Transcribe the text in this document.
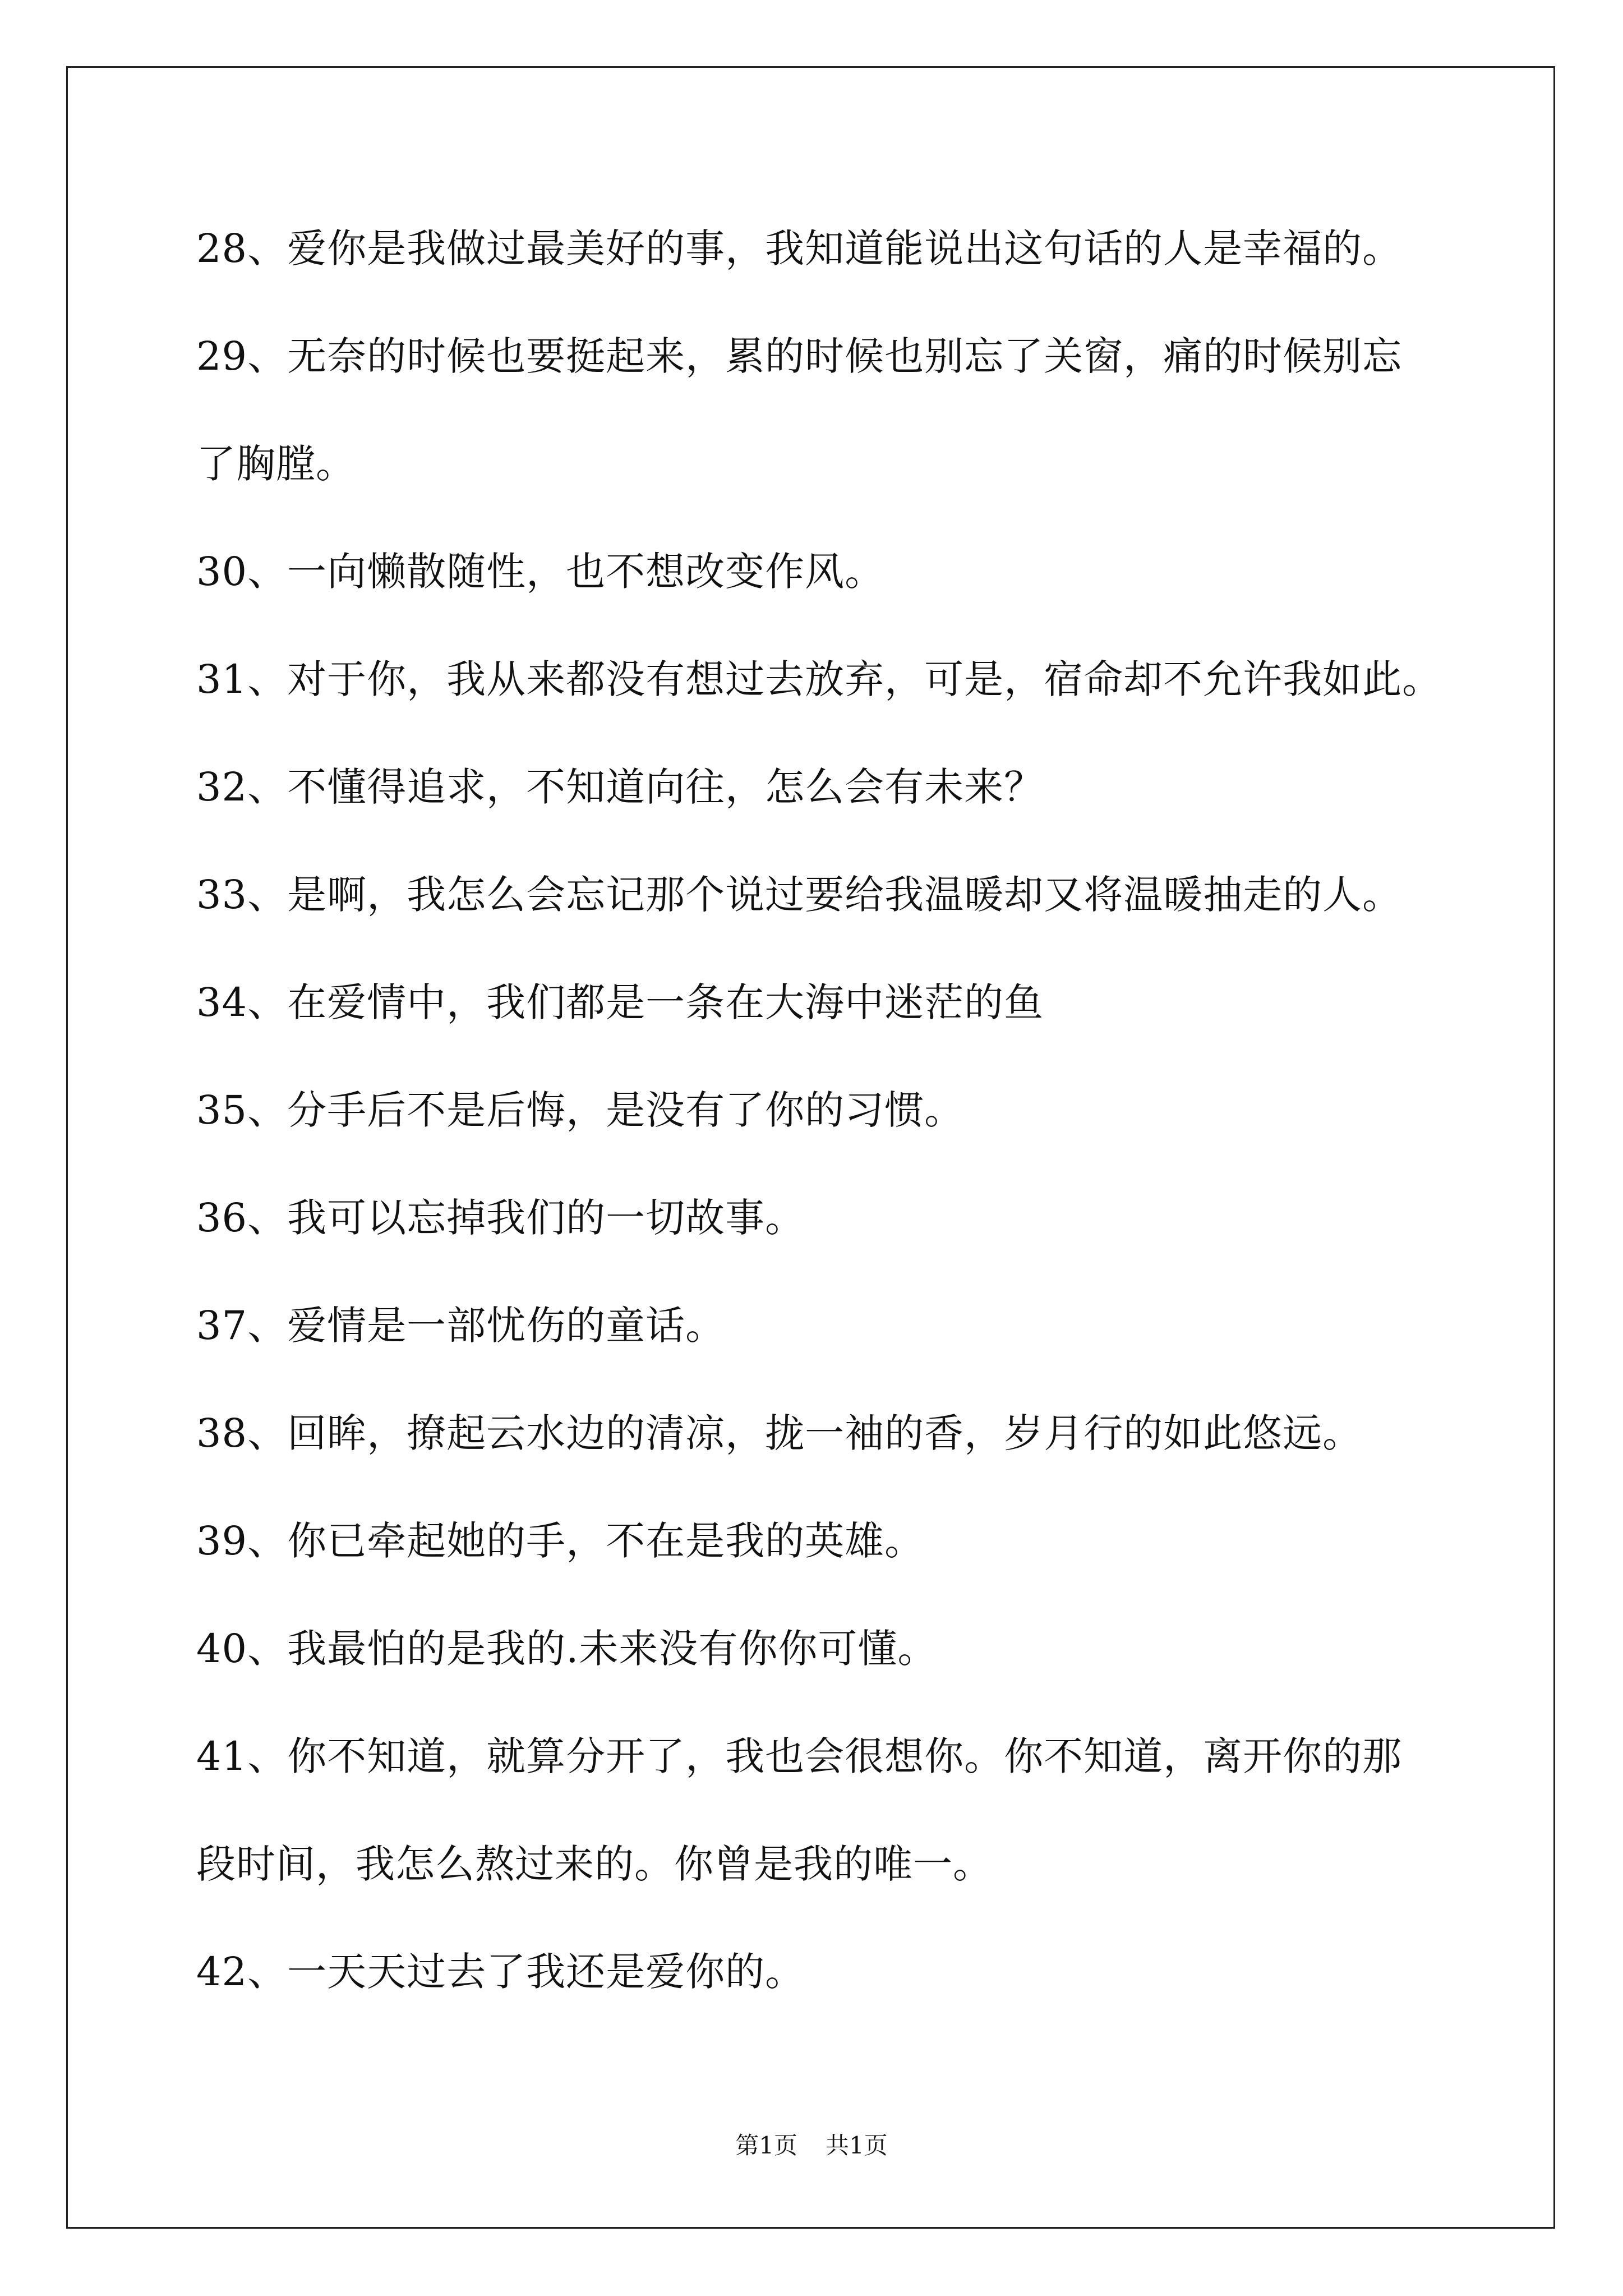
28、爱你是我做过最美好的事，我知道能说出这句话的人是幸福的。
29、无奈的时候也要挺起来，累的时候也别忘了关窗，痛的时候别忘
了胸膛。
30、一向懒散随性，也不想改变作风。
31、对于你，我从来都没有想过去放弃，可是，宿命却不允许我如此。
32、不懂得追求，不知道向往，怎么会有未来？
33、是啊，我怎么会忘记那个说过要给我温暖却又将温暖抽走的人。
34、在爱情中，我们都是一条在大海中迷茫的鱼
35、分手后不是后悔，是没有了你的习惯。
36、我可以忘掉我们的一切故事。
37、爱情是一部忧伤的童话。
38、回眸，撩起云水边的清凉，拢一袖的香，岁月行的如此悠远。
39、你已牵起她的手，不在是我的英雄。
40、我最怕的是我的.未来没有你你可懂。
41、你不知道，就算分开了，我也会很想你。你不知道，离开你的那
段时间，我怎么熬过来的。你曾是我的唯一。
42、一天天过去了我还是爱你的。
第1页 共1页
